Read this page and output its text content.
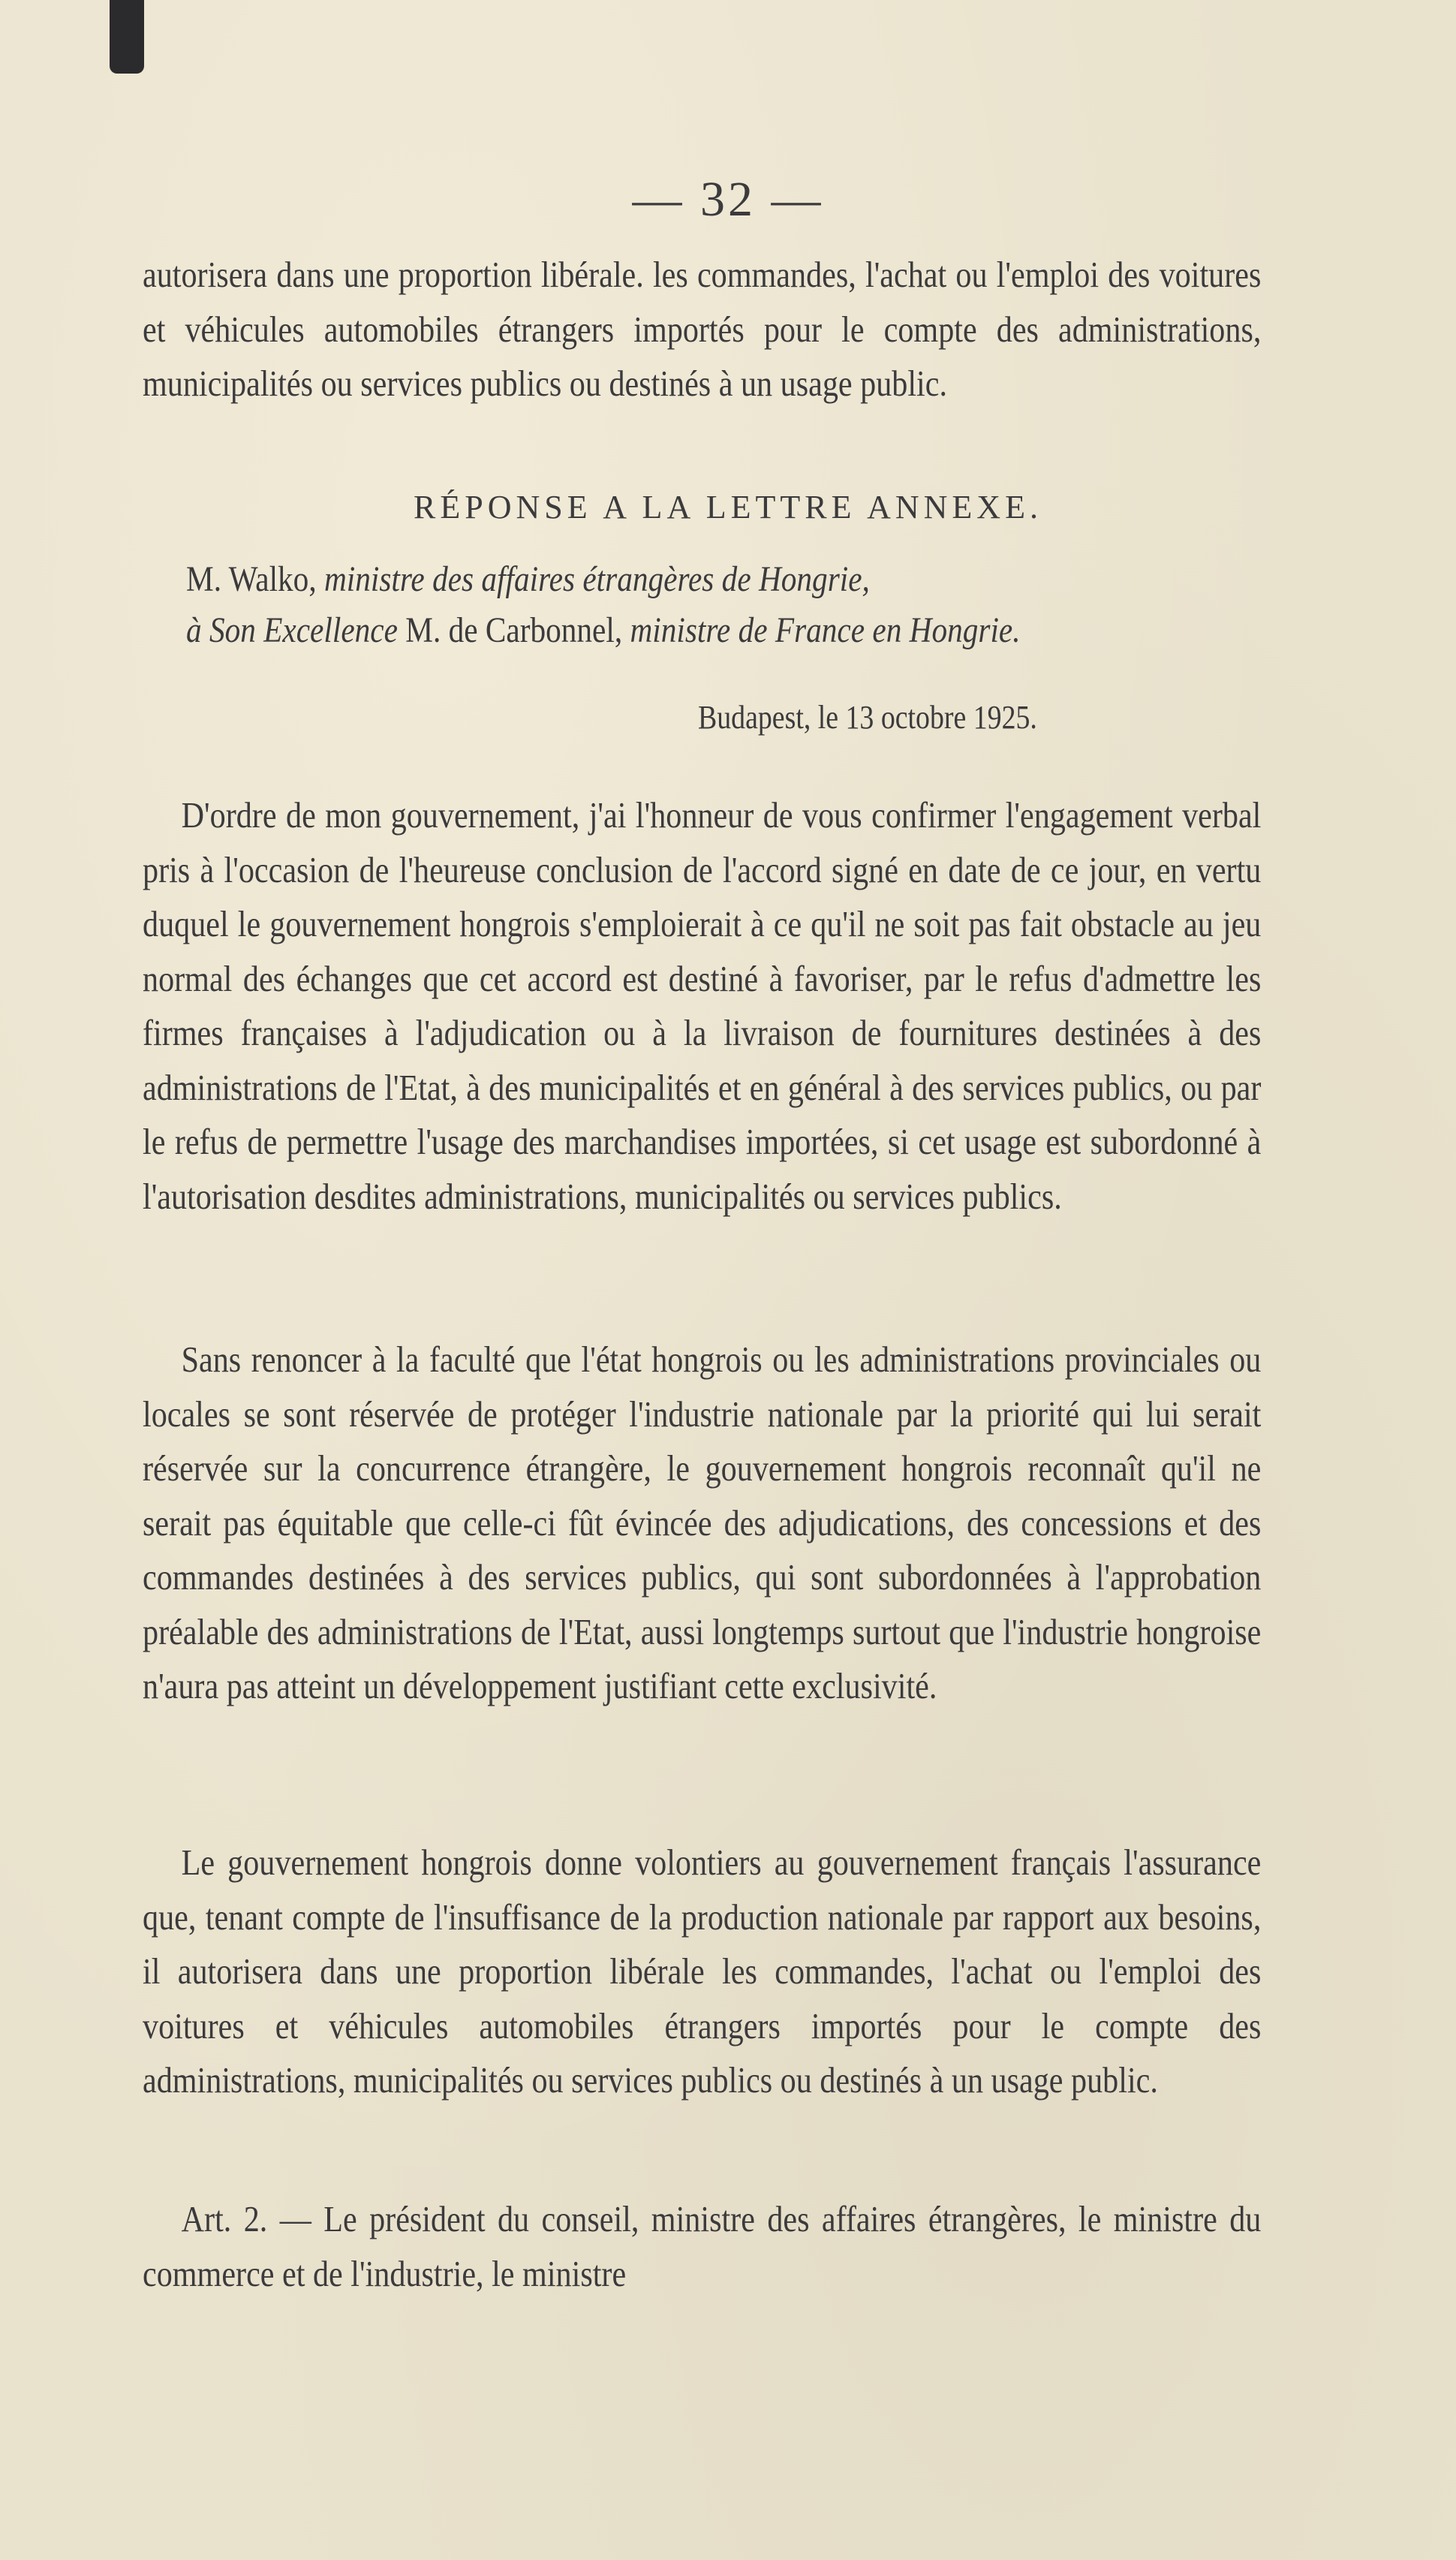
— 32 —

autorisera dans une proportion libérale. les commandes, l'achat ou l'emploi des voitures et véhicules automobiles étrangers importés pour le compte des administrations, municipalités ou services publics ou destinés à un usage public.

RÉPONSE A LA LETTRE ANNEXE.
M. Walko, ministre des affaires étrangères de Hongrie,
à Son Excellence M. de Carbonnel, ministre de France en Hongrie.
Budapest, le 13 octobre 1925.

D'ordre de mon gouvernement, j'ai l'honneur de vous confirmer l'engagement verbal pris à l'occasion de l'heureuse conclusion de l'accord signé en date de ce jour, en vertu duquel le gouvernement hongrois s'emploierait à ce qu'il ne soit pas fait obstacle au jeu normal des échanges que cet accord est destiné à favoriser, par le refus d'admettre les firmes françaises à l'adjudication ou à la livraison de fournitures destinées à des administrations de l'Etat, à des municipalités et en général à des services publics, ou par le refus de permettre l'usage des marchandises importées, si cet usage est subordonné à l'autorisation desdites administrations, municipalités ou services publics.

Sans renoncer à la faculté que l'état hongrois ou les administrations provinciales ou locales se sont réservée de protéger l'industrie nationale par la priorité qui lui serait réservée sur la concurrence étrangère, le gouvernement hongrois reconnaît qu'il ne serait pas équitable que celle-ci fût évincée des adjudications, des concessions et des commandes destinées à des services publics, qui sont subordonnées à l'approbation préalable des administrations de l'Etat, aussi longtemps surtout que l'industrie hongroise n'aura pas atteint un développement justifiant cette exclusivité.

Le gouvernement hongrois donne volontiers au gouvernement français l'assurance que, tenant compte de l'insuffisance de la production nationale par rapport aux besoins, il autorisera dans une proportion libérale les commandes, l'achat ou l'emploi des voitures et véhicules automobiles étrangers importés pour le compte des administrations, municipalités ou services publics ou destinés à un usage public.

Art. 2. — Le président du conseil, ministre des affaires étrangères, le ministre du commerce et de l'industrie, le ministre
